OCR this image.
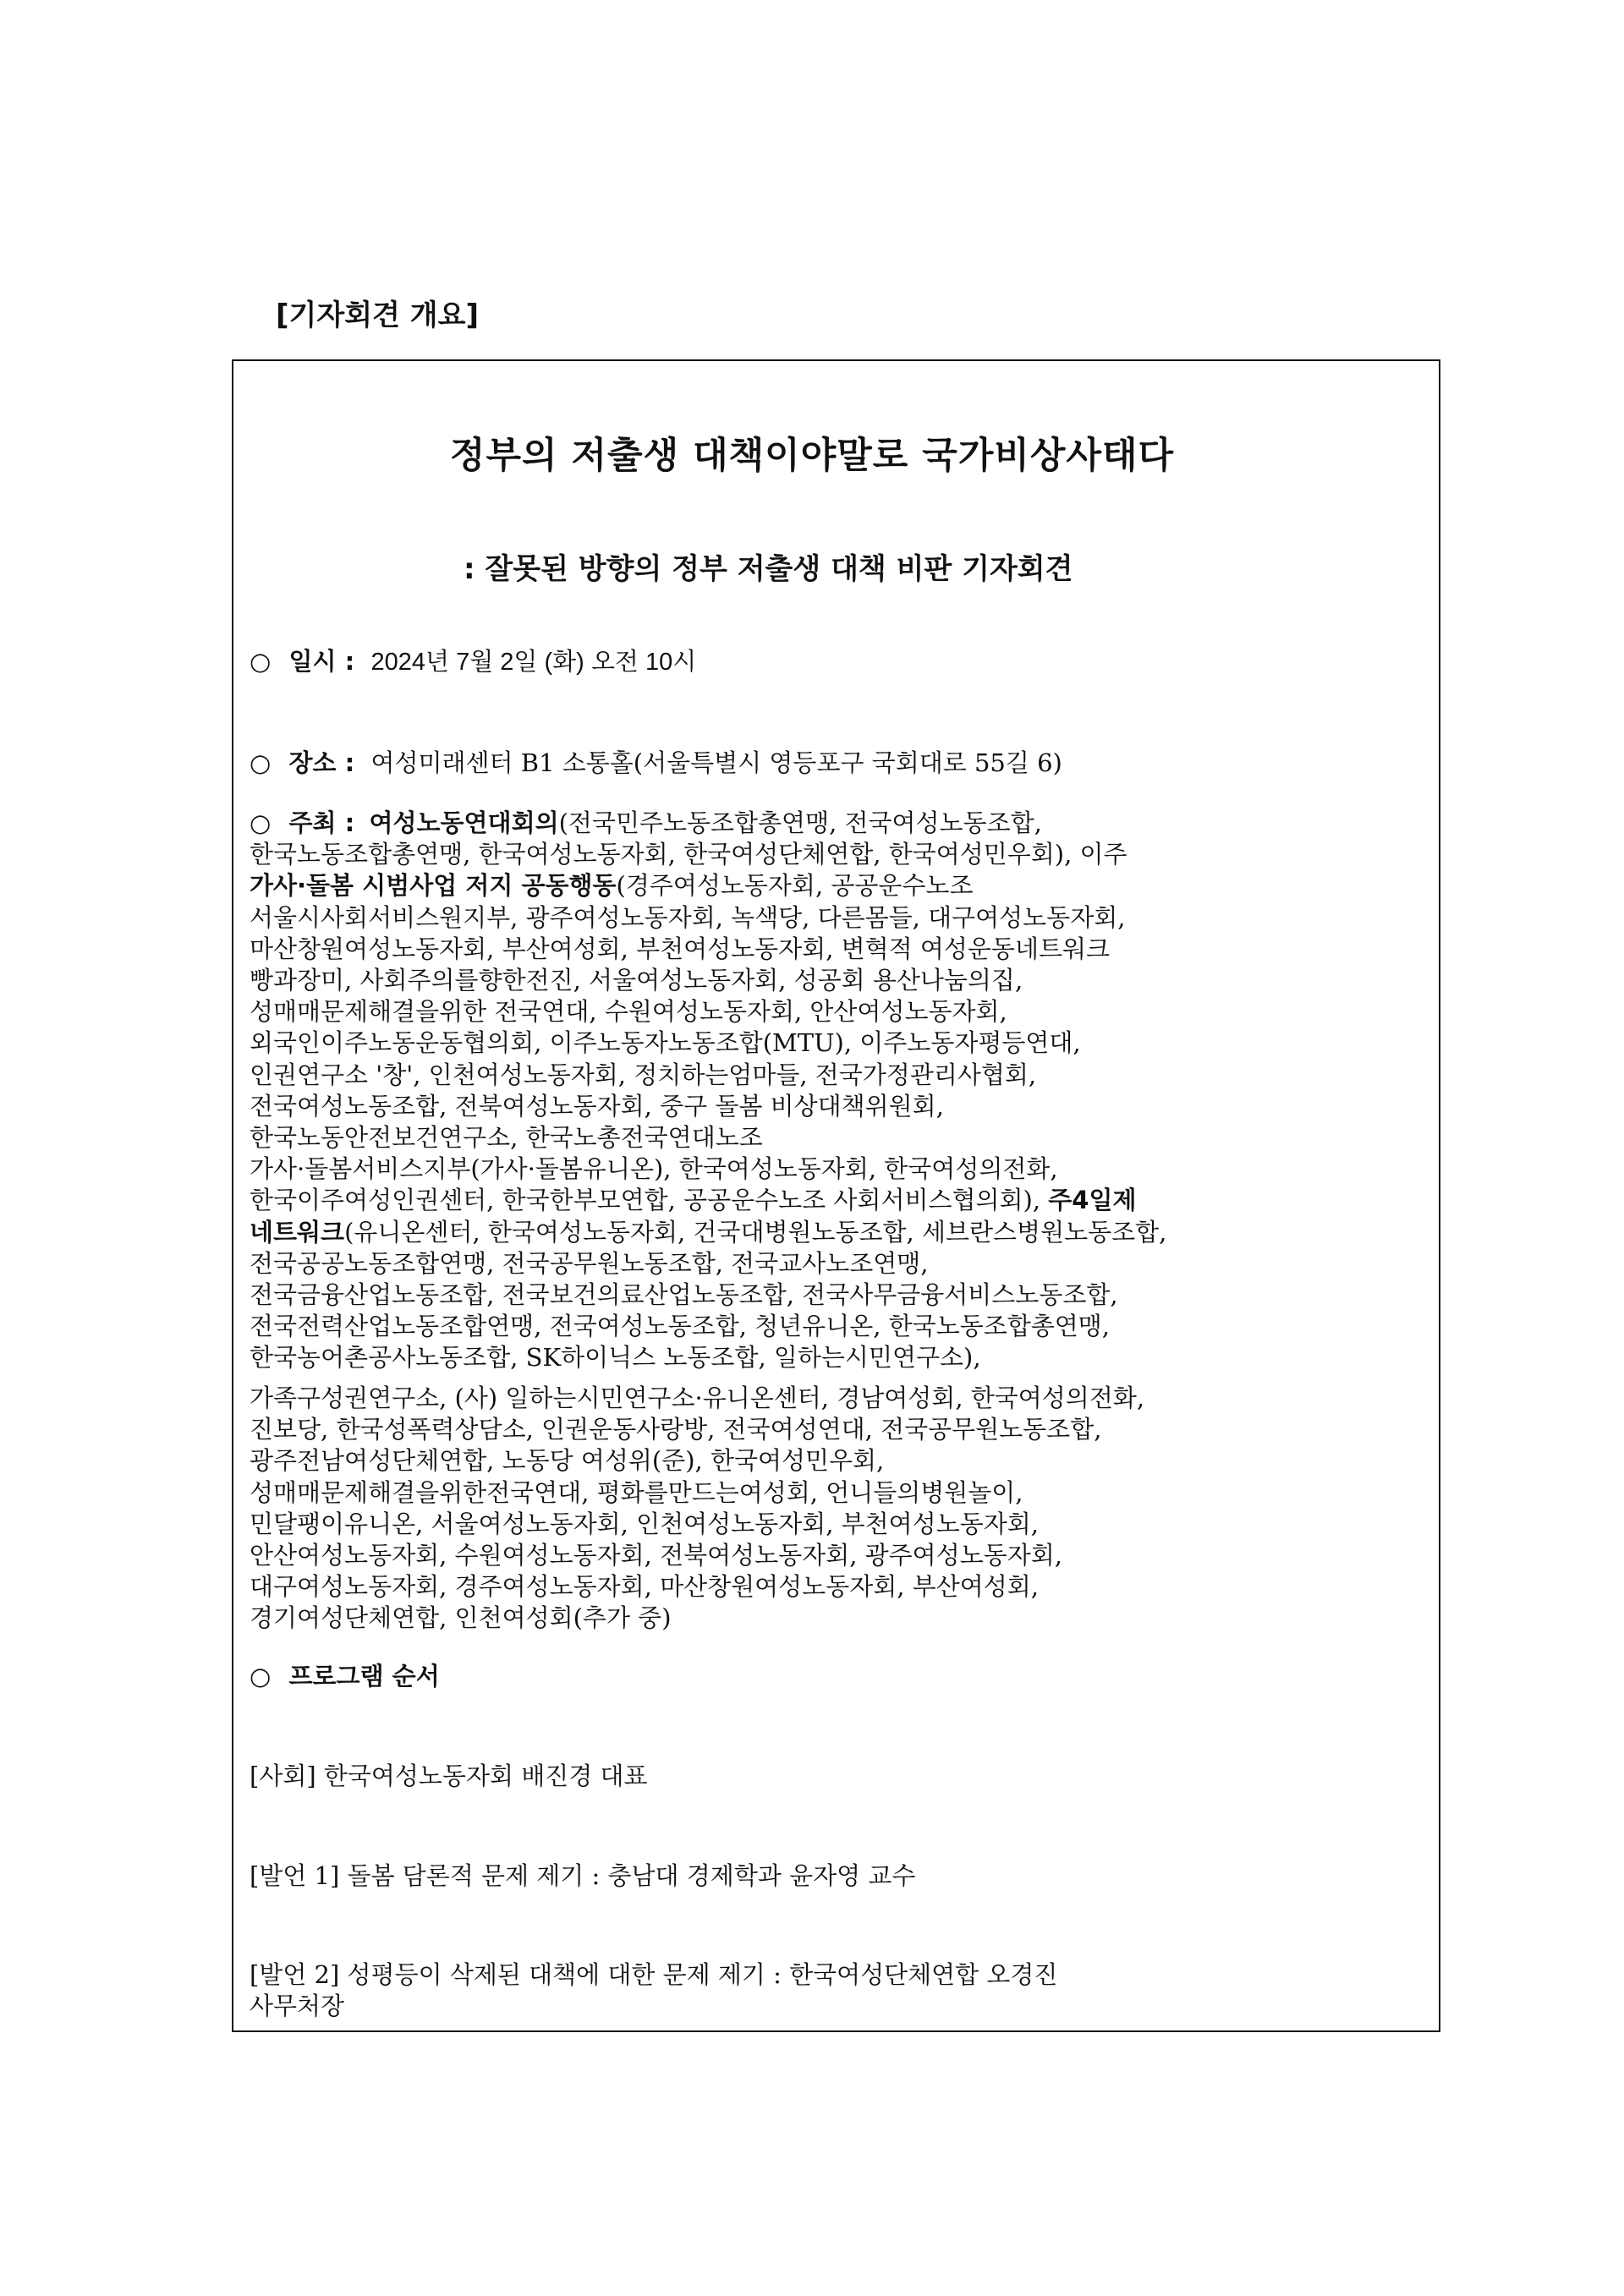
[기자회견 개요]
정부의 저출생 대책이야말로 국가비상사태다
: 잘못된 방향의 정부 저출생 대책 비판 기자회견
○ 일시 : 2024년 7월 2일 (화) 오전 10시
○ 장소 : 여성미래센터 B1 소통홀(서울특별시 영등포구 국회대로 55길 6)
○ 주최 : 여성노동연대회의(전국민주노동조합총연맹, 전국여성노동조합,
한국노동조합총연맹, 한국여성노동자회, 한국여성단체연합, 한국여성민우회), 이주
가사·돌봄 시범사업 저지 공동행동(경주여성노동자회, 공공운수노조
서울시사회서비스원지부, 광주여성노동자회, 녹색당, 다른몸들, 대구여성노동자회,
마산창원여성노동자회, 부산여성회, 부천여성노동자회, 변혁적 여성운동네트워크
빵과장미, 사회주의를향한전진, 서울여성노동자회, 성공회 용산나눔의집,
성매매문제해결을위한 전국연대, 수원여성노동자회, 안산여성노동자회,
외국인이주노동운동협의회, 이주노동자노동조합(MTU), 이주노동자평등연대,
인권연구소 '창', 인천여성노동자회, 정치하는엄마들, 전국가정관리사협회,
전국여성노동조합, 전북여성노동자회, 중구 돌봄 비상대책위원회,
한국노동안전보건연구소, 한국노총전국연대노조
가사·돌봄서비스지부(가사·돌봄유니온), 한국여성노동자회, 한국여성의전화,
한국이주여성인권센터, 한국한부모연합, 공공운수노조 사회서비스협의회), 주4일제
네트워크(유니온센터, 한국여성노동자회, 건국대병원노동조합, 세브란스병원노동조합,
전국공공노동조합연맹, 전국공무원노동조합, 전국교사노조연맹,
전국금융산업노동조합, 전국보건의료산업노동조합, 전국사무금융서비스노동조합,
전국전력산업노동조합연맹, 전국여성노동조합, 청년유니온, 한국노동조합총연맹,
한국농어촌공사노동조합, SK하이닉스 노동조합, 일하는시민연구소),
가족구성권연구소, (사) 일하는시민연구소·유니온센터, 경남여성회, 한국여성의전화,
진보당, 한국성폭력상담소, 인권운동사랑방, 전국여성연대, 전국공무원노동조합,
광주전남여성단체연합, 노동당 여성위(준), 한국여성민우회,
성매매문제해결을위한전국연대, 평화를만드는여성회, 언니들의병원놀이,
민달팽이유니온, 서울여성노동자회, 인천여성노동자회, 부천여성노동자회,
안산여성노동자회, 수원여성노동자회, 전북여성노동자회, 광주여성노동자회,
대구여성노동자회, 경주여성노동자회, 마산창원여성노동자회, 부산여성회,
경기여성단체연합, 인천여성회(추가 중)
○ 프로그램 순서
[사회] 한국여성노동자회 배진경 대표
[발언 1] 돌봄 담론적 문제 제기 : 충남대 경제학과 윤자영 교수
[발언 2] 성평등이 삭제된 대책에 대한 문제 제기 : 한국여성단체연합 오경진
사무처장
